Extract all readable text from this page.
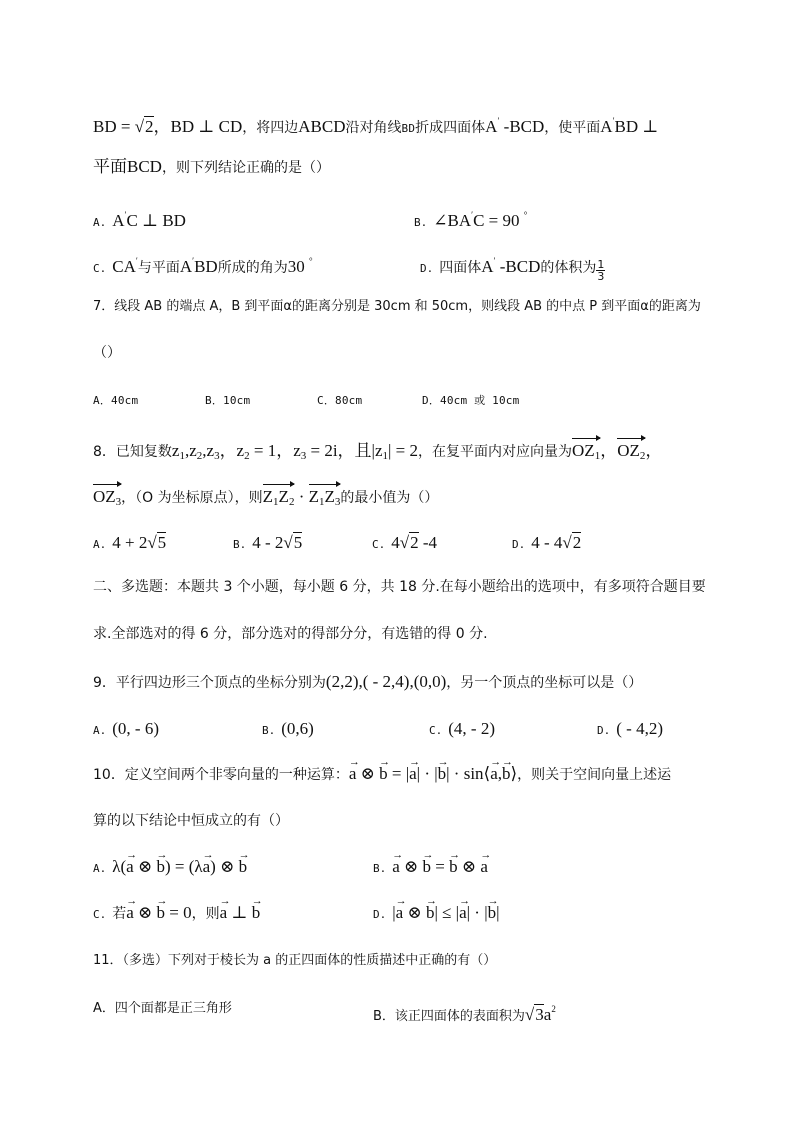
BD = √2，BD ⊥ CD，将四边ABCD沿对角线BD折成四面体A′ -BCD，使平面A′BD ⊥
平面BCD，则下列结论正确的是（）
A. A′C ⊥ BD	B. ∠BA′C = 90 °
C. CA′与平面A′BD所成的角为30 °
D. 四面体A′ -BCD的体积为 $\frac{1}{3}$
7．线段 AB 的端点 A，B 到平面α的距离分别是 30cm 和 50cm，则线段 AB 的中点 P 到平面α的距离为
（）
A．40cm	B．10cm	C．80cm	D．40cm 或 10cm
8．已知复数$z_1,z_2,z_3$，$z_2 = 1$，$z_3 = 2i$，且$|z_1| = 2$，在复平面内对应向量为$OZ_1$，$OZ_2$，
$OZ_3$，（O 为坐标原点），则$Z_1Z_2 \cdot Z_1Z_3$的最小值为（）
A. 4 + 2√5	B. 4 - 2√5	C. 4√2 -4	D. 4 - 4√2
二、多选题：本题共 3 个小题，每小题 6 分，共 18 分.在每小题给出的选项中，有多项符合题目要
求.全部选对的得 6 分，部分选对的得部分分，有选错的得 0 分.
9．平行四边形三个顶点的坐标分别为(2,2),( - 2,4),(0,0)，另一个顶点的坐标可以是（）
A. (0, - 6)	B. (0,6)	C. (4, - 2)	D. ( - 4,2)
10．定义空间两个非零向量的一种运算：→ a ⊗ → b = |→ a| · |→ b| · sin⟨→ a,→ b⟩，则关于空间向量上述运
算的以下结论中恒成立的有（）
A. λ(→ a ⊗ → b) = (λ→ a) ⊗ → b	B.→ a ⊗ → b = → b ⊗ → a
C. 若→ a ⊗ → b = 0，则→ a ⊥ → b	D. |→ a ⊗ → b| ≤ |→ a| · |→ b|
11．（多选）下列对于棱长为 a 的正四面体的性质描述中正确的有（）
A．四个面都是正三角形
B．该正四面体的表面积为$√3a^2$
